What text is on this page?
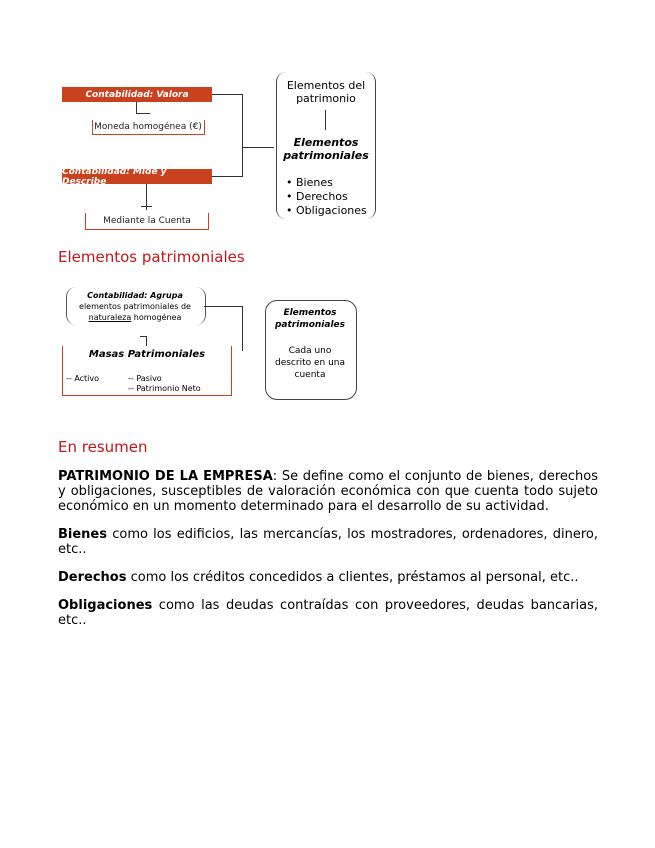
Contabilidad: Valora
Moneda homogénea (€)
Contabilidad: Mide y Describe
Mediante la Cuenta
Elementos del patrimonio
Elementos patrimoniales
• Bienes
• Derechos
• Obligaciones
Elementos patrimoniales
Contabilidad: Agrupa
elementos patrimoniales de
naturaleza homogénea
Masas Patrimoniales
-- Activo	-- Pasivo
-- Patrimonio Neto
Elementos patrimoniales
Cada uno descrito en una cuenta
En resumen
PATRIMONIO DE LA EMPRESA: Se define como el conjunto de bienes, derechos y obligaciones, susceptibles de valoración económica con que cuenta todo sujeto económico en un momento determinado para el desarrollo de su actividad.
Bienes como los edificios, las mercancías, los mostradores, ordenadores, dinero, etc..
Derechos como los créditos concedidos a clientes, préstamos al personal, etc..
Obligaciones como las deudas contraídas con proveedores, deudas bancarias, etc..
